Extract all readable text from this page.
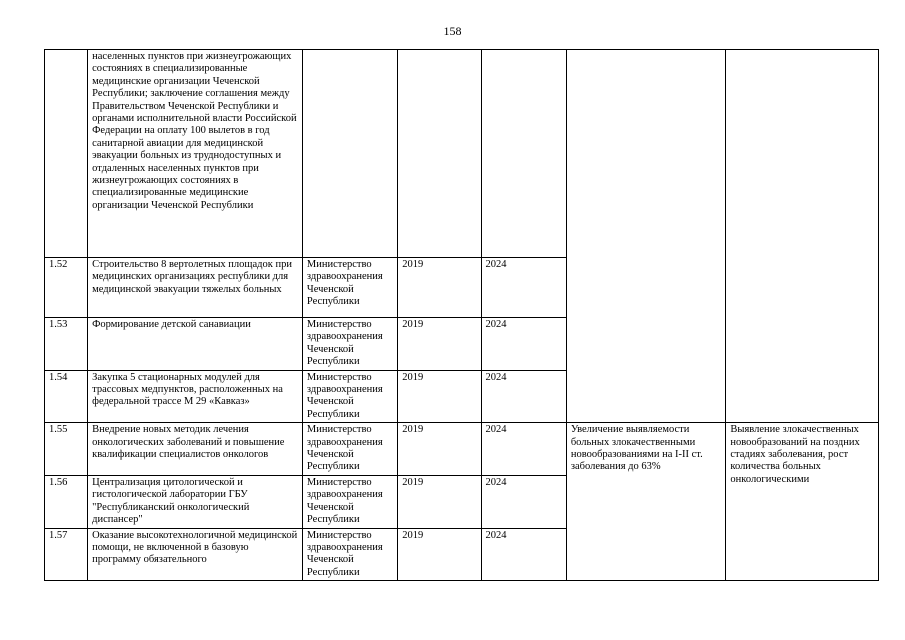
158
	населенных пунктов при жизнеугрожающих состояниях в специализированные медицинские организации Чеченской Республики; заключение соглашения между Правительством Чеченской Республики и органами исполнительной власти Российской Федерации на оплату 100 вылетов в год санитарной авиации для медицинской эвакуации больных из труднодоступных и отдаленных населенных пунктов при жизнеугрожающих состояниях в специализированные медицинские организации Чеченской Республики					
1.52	Строительство 8 вертолетных площадок при медицинских организациях республики для медицинской эвакуации тяжелых больных	Министерство здравоохранения Чеченской Республики	2019	2024		
1.53	Формирование детской санавиации	Министерство здравоохранения Чеченской Республики	2019	2024		
1.54	Закупка 5 стационарных модулей для трассовых медпунктов, расположенных на федеральной трассе М 29 «Кавказ»	Министерство здравоохранения Чеченской Республики	2019	2024		
1.55	Внедрение новых методик лечения онкологических заболеваний и повышение квалификации специалистов онкологов	Министерство здравоохранения Чеченской Республики	2019	2024	Увеличение выявляемости больных злокачественными новообразованиями на I-II ст. заболевания до 63%	Выявление злокачественных новообразований на поздних стадиях заболевания, рост количества больных онкологическими
1.56	Централизация цитологической и гистологической лаборатории ГБУ "Республиканский онкологический диспансер"	Министерство здравоохранения Чеченской Республики	2019	2024		
1.57	Оказание высокотехнологичной медицинской помощи, не включенной в базовую программу обязательного	Министерство здравоохранения Чеченской Республики	2019	2024		
